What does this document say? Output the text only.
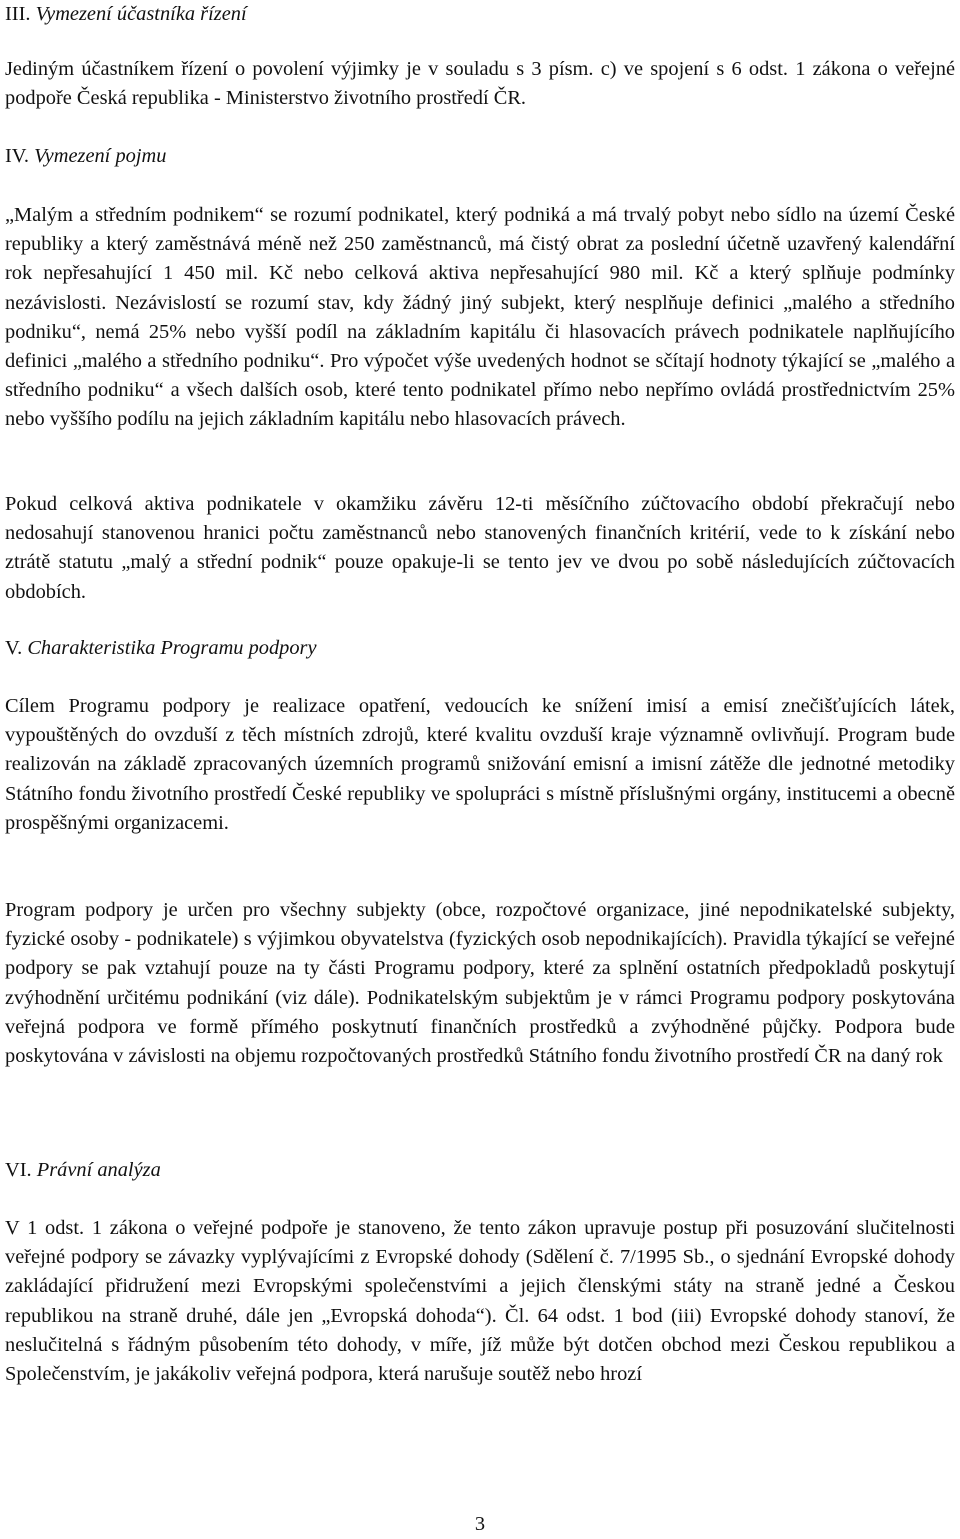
III. Vymezení účastníka řízení

Jediným účastníkem řízení o povolení výjimky je v souladu s 3 písm. c) ve spojení s 6 odst. 1 zákona o veřejné podpoře Česká republika - Ministerstvo životního prostředí ČR.

IV. Vymezení pojmu

„Malým a středním podnikem“ se rozumí podnikatel, který podniká a má trvalý pobyt nebo sídlo na území České republiky a který zaměstnává méně než 250 zaměstnanců, má čistý obrat za poslední účetně uzavřený kalendářní rok nepřesahující 1 450 mil. Kč nebo celková aktiva nepřesahující 980 mil. Kč a který splňuje podmínky nezávislosti. Nezávislostí se rozumí stav, kdy žádný jiný subjekt, který nesplňuje definici „malého a středního podniku“, nemá 25% nebo vyšší podíl na základním kapitálu či hlasovacích právech podnikatele naplňujícího definici „malého a středního podniku“. Pro výpočet výše uvedených hodnot se sčítají hodnoty týkající se „malého a středního podniku“ a všech dalších osob, které tento podnikatel přímo nebo nepřímo ovládá prostřednictvím 25% nebo vyššího podílu na jejich základním kapitálu nebo hlasovacích právech.

Pokud celková aktiva podnikatele v okamžiku závěru 12-ti měsíčního zúčtovacího období překračují nebo nedosahují stanovenou hranici počtu zaměstnanců nebo stanovených finančních kritérií, vede to k získání nebo ztrátě statutu „malý a střední podnik“ pouze opakuje-li se tento jev ve dvou po sobě následujících zúčtovacích obdobích.

V. Charakteristika Programu podpory

Cílem Programu podpory je realizace opatření, vedoucích ke snížení imisí a emisí znečišťujících látek, vypouštěných do ovzduší z těch místních zdrojů, které kvalitu ovzduší kraje významně ovlivňují. Program bude realizován na základě zpracovaných územních programů snižování emisní a imisní zátěže dle jednotné metodiky Státního fondu životního prostředí České republiky ve spolupráci s místně příslušnými orgány, institucemi a obecně prospěšnými organizacemi.

Program podpory je určen pro všechny subjekty (obce, rozpočtové organizace, jiné nepodnikatelské subjekty, fyzické osoby - podnikatele) s výjimkou obyvatelstva (fyzických osob nepodnikajících). Pravidla týkající se veřejné podpory se pak vztahují pouze na ty části Programu podpory, které za splnění ostatních předpokladů poskytují zvýhodnění určitému podnikání (viz dále). Podnikatelským subjektům je v rámci Programu podpory poskytována veřejná podpora ve formě přímého poskytnutí finančních prostředků a zvýhodněné půjčky. Podpora bude poskytována v závislosti na objemu rozpočtovaných prostředků Státního fondu životního prostředí ČR na daný rok

VI. Právní analýza

V 1 odst. 1 zákona o veřejné podpoře je stanoveno, že tento zákon upravuje postup při posuzování slučitelnosti veřejné podpory se závazky vyplývajícími z Evropské dohody (Sdělení č. 7/1995 Sb., o sjednání Evropské dohody zakládající přidružení mezi Evropskými společenstvími a jejich členskými státy na straně jedné a Českou republikou na straně druhé, dále jen „Evropská dohoda“). Čl. 64 odst. 1 bod (iii) Evropské dohody stanoví, že neslučitelná s řádným působením této dohody, v míře, jíž může být dotčen obchod mezi Českou republikou a Společenstvím, je jakákoliv veřejná podpora, která narušuje soutěž nebo hrozí

3
